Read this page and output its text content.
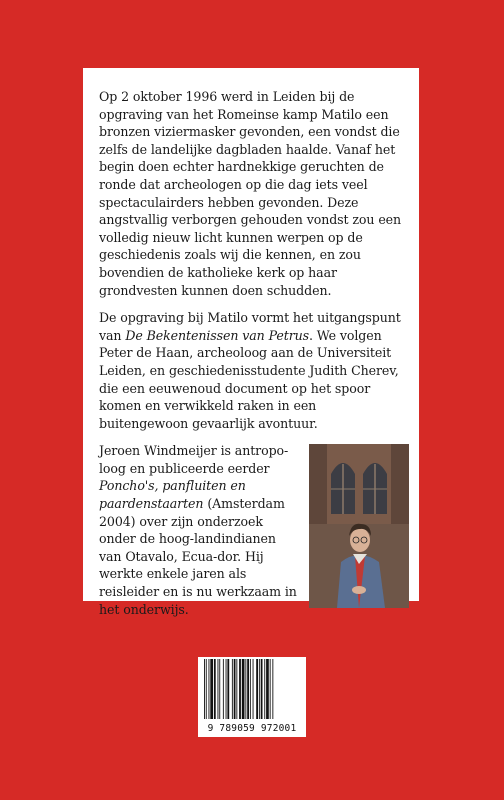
Op 2 oktober 1996 werd in Leiden bij de opgraving van het Romeinse kamp Matilo een bronzen viziermasker gevonden, een vondst die zelfs de landelijke dagbladen haalde. Vanaf het begin doen echter hardnekkige geruchten de ronde dat archeologen op die dag iets veel spectaculairders hebben gevonden. Deze angstvallig verborgen gehouden vondst zou een volledig nieuw licht kunnen werpen op de geschiedenis zoals wij die kennen, en zou bovendien de katholieke kerk op haar grondvesten kunnen doen schudden.

De opgraving bij Matilo vormt het uitgangspunt van De Bekentenissen van Petrus. We volgen Peter de Haan, archeoloog aan de Universiteit Leiden, en geschiedenisstudente Judith Cherev, die een eeuwenoud document op het spoor komen en verwikkeld raken in een buitengewoon gevaarlijk avontuur.

Jeroen Windmeijer is antropo-loog en publiceerde eerder Poncho's, panfluiten en paardenstaarten (Amsterdam 2004) over zijn onderzoek onder de hoog-landindianen van Otavalo, Ecua-dor. Hij werkte enkele jaren als reisleider en is nu werkzaam in het onderwijs.

9 789059 972001
